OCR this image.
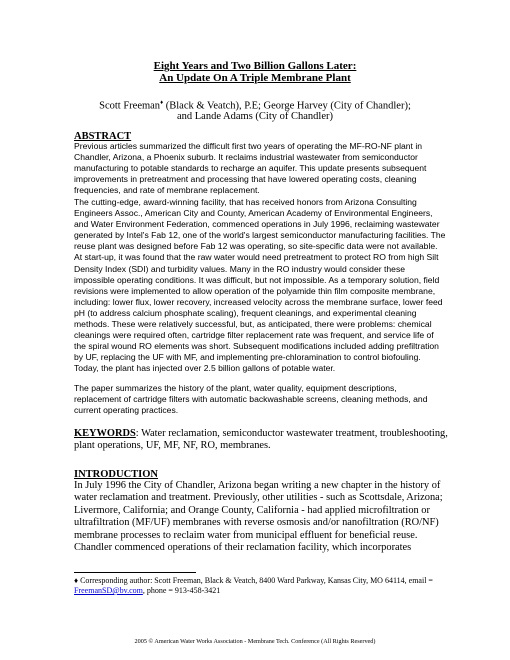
Eight Years and Two Billion Gallons Later:
An Update On A Triple Membrane Plant
Scott Freeman♦ (Black & Veatch), P.E; George Harvey (City of Chandler);
and Lande Adams (City of Chandler)
ABSTRACT

Previous articles summarized the difficult first two years of operating the MF-RO-NF plant in Chandler, Arizona, a Phoenix suburb. It reclaims industrial wastewater from semiconductor manufacturing to potable standards to recharge an aquifer. This update presents subsequent improvements in pretreatment and processing that have lowered operating costs, cleaning frequencies, and rate of membrane replacement.

The cutting-edge, award-winning facility, that has received honors from Arizona Consulting Engineers Assoc., American City and County, American Academy of Environmental Engineers, and Water Environment Federation, commenced operations in July 1996, reclaiming wastewater generated by Intel's Fab 12, one of the world's largest semiconductor manufacturing facilities. The reuse plant was designed before Fab 12 was operating, so site-specific data were not available. At start-up, it was found that the raw water would need pretreatment to protect RO from high Silt Density Index (SDI) and turbidity values. Many in the RO industry would consider these impossible operating conditions. It was difficult, but not impossible. As a temporary solution, field revisions were implemented to allow operation of the polyamide thin film composite membrane, including: lower flux, lower recovery, increased velocity across the membrane surface, lower feed pH (to address calcium phosphate scaling), frequent cleanings, and experimental cleaning methods. These were relatively successful, but, as anticipated, there were problems: chemical cleanings were required often, cartridge filter replacement rate was frequent, and service life of the spiral wound RO elements was short. Subsequent modifications included adding prefiltration by UF, replacing the UF with MF, and implementing pre-chloramination to control biofouling. Today, the plant has injected over 2.5 billion gallons of potable water.

The paper summarizes the history of the plant, water quality, equipment descriptions, replacement of cartridge filters with automatic backwashable screens, cleaning methods, and current operating practices.

KEYWORDS: Water reclamation, semiconductor wastewater treatment, troubleshooting, plant operations, UF, MF, NF, RO, membranes.

INTRODUCTION

In July 1996 the City of Chandler, Arizona began writing a new chapter in the history of water reclamation and treatment. Previously, other utilities - such as Scottsdale, Arizona; Livermore, California; and Orange County, California - had applied microfiltration or ultrafiltration (MF/UF) membranes with reverse osmosis and/or nanofiltration (RO/NF) membrane processes to reclaim water from municipal effluent for beneficial reuse. Chandler commenced operations of their reclamation facility, which incorporates

♦ Corresponding author: Scott Freeman, Black & Veatch, 8400 Ward Parkway, Kansas City, MO 64114, email = FreemanSD@bv.com, phone = 913-458-3421
2005 © American Water Works Association - Membrane Tech. Conference (All Rights Reserved)
